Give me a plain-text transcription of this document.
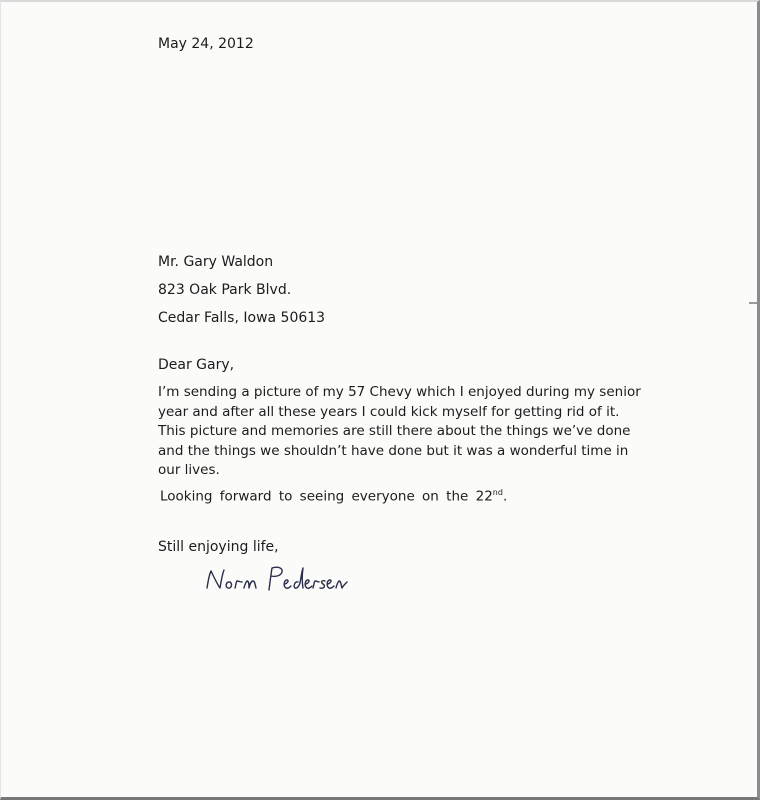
May 24, 2012
Mr. Gary Waldon
823 Oak Park Blvd.
Cedar Falls, Iowa 50613
Dear Gary,
I’m sending a picture of my 57 Chevy which I enjoyed during my senior
year and after all these years I could kick myself for getting rid of it.
This picture and memories are still there about the things we’ve done
and the things we shouldn’t have done but it was a wonderful time in
our lives.
Looking forward to seeing everyone on the 22nd.
Still enjoying life,
